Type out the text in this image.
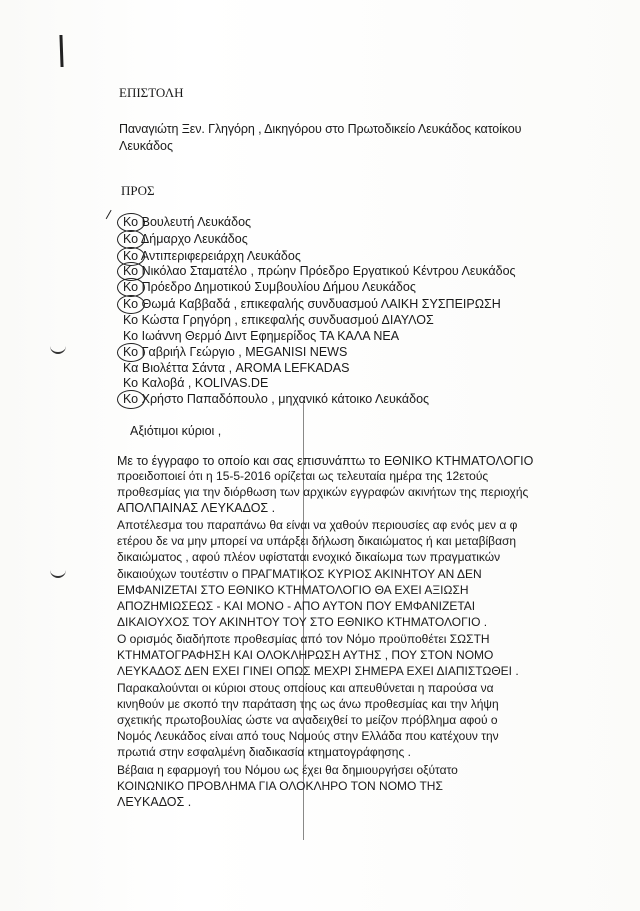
ΕΠΙΣΤΟΛΗ
Παναγιώτη Ξεν. Γληγόρη , Δικηγόρου στο Πρωτοδικείο Λευκάδος κατοίκου
Λευκάδος
ΠΡΟΣ
Κο Βουλευτή Λευκάδος
Κο Δήμαρχο Λευκάδος
Κο Αντιπεριφερειάρχη Λευκάδος
Κο Νικόλαο Σταματέλο , πρώην Πρόεδρο Εργατικού Κέντρου Λευκάδος
Κο Πρόεδρο Δημοτικού Συμβουλίου Δήμου Λευκάδος
Κο Θωμά Καββαδά , επικεφαλής συνδυασμού ΛΑΙΚΗ ΣΥΣΠΕΙΡΩΣΗ
Κο Κώστα Γρηγόρη , επικεφαλής συνδυασμού ΔΙΑΥΛΟΣ
Κο Ιωάννη Θερμό Διντ Εφημερίδος ΤΑ ΚΑΛΑ ΝΕΑ
Κο Γαβριήλ Γεώργιο , MEGANISI NEWS
Κα Βιολέττα Σάντα , AROMA LEFKADAS
Κο Καλοβά , KOLIVAS.DE
Κο Χρήστο Παπαδόπουλο , μηχανικό κάτοικο Λευκάδος
Αξιότιμοι κύριοι ,
Με το έγγραφο το οποίο και σας επισυνάπτω το ΕΘΝΙΚΟ ΚΤΗΜΑΤΟΛΟΓΙΟ
προειδοποιεί ότι η 15-5-2016 ορίζεται ως τελευταία ημέρα της 12ετούς
προθεσμίας για την διόρθωση των αρχικών εγγραφών ακινήτων της περιοχής
ΑΠΟΛΠΑΙΝΑΣ ΛΕΥΚΑΔΟΣ .
Αποτέλεσμα του παραπάνω θα είναι να χαθούν περιουσίες αφ ενός μεν α φ
ετέρου δε να μην μπορεί να υπάρξει δήλωση δικαιώματος ή και μεταβίβαση
δικαιώματος , αφού πλέον υφίσταται ενοχικό δικαίωμα των πραγματικών
δικαιούχων τουτέστιν ο ΠΡΑΓΜΑΤΙΚΟΣ ΚΥΡΙΟΣ ΑΚΙΝΗΤΟΥ ΑΝ ΔΕΝ
ΕΜΦΑΝΙΖΕΤΑΙ ΣΤΟ ΕΘΝΙΚΟ ΚΤΗΜΑΤΟΛΟΓΙΟ ΘΑ ΕΧΕΙ ΑΞΙΩΣΗ
ΑΠΟΖΗΜΙΩΣΕΩΣ - ΚΑΙ ΜΟΝΟ - ΑΠΟ ΑΥΤΟΝ ΠΟΥ ΕΜΦΑΝΙΖΕΤΑΙ
ΔΙΚΑΙΟΥΧΟΣ ΤΟΥ ΑΚΙΝΗΤΟΥ ΤΟΥ ΣΤΟ ΕΘΝΙΚΟ ΚΤΗΜΑΤΟΛΟΓΙΟ .
Ο ορισμός διαδήποτε προθεσμίας από τον Νόμο προϋποθέτει ΣΩΣΤΗ
ΚΤΗΜΑΤΟΓΡΑΦΗΣΗ ΚΑΙ ΟΛΟΚΛΗΡΩΣΗ ΑΥΤΗΣ , ΠΟΥ ΣΤΟΝ ΝΟΜΟ
ΛΕΥΚΑΔΟΣ ΔΕΝ ΕΧΕΙ ΓΙΝΕΙ ΟΠΩΣ ΜΕΧΡΙ ΣΗΜΕΡΑ ΕΧΕΙ ΔΙΑΠΙΣΤΩΘΕΙ .
Παρακαλούνται οι κύριοι στους οποίους και απευθύνεται η παρούσα να
κινηθούν με σκοπό την παράταση της ως άνω προθεσμίας και την λήψη
σχετικής πρωτοβουλίας ώστε να αναδειχθεί το μείζον πρόβλημα αφού ο
Νομός Λευκάδος είναι από τους Νομούς στην Ελλάδα που κατέχουν την
πρωτιά στην εσφαλμένη διαδικασία κτηματογράφησης .
Βέβαια η εφαρμογή του Νόμου ως έχει θα δημιουργήσει οξύτατο
ΚΟΙΝΩΝΙΚΟ ΠΡΟΒΛΗΜΑ ΓΙΑ ΟΛΟΚΛΗΡΟ ΤΟΝ ΝΟΜΟ ΤΗΣ
ΛΕΥΚΑΔΟΣ .
